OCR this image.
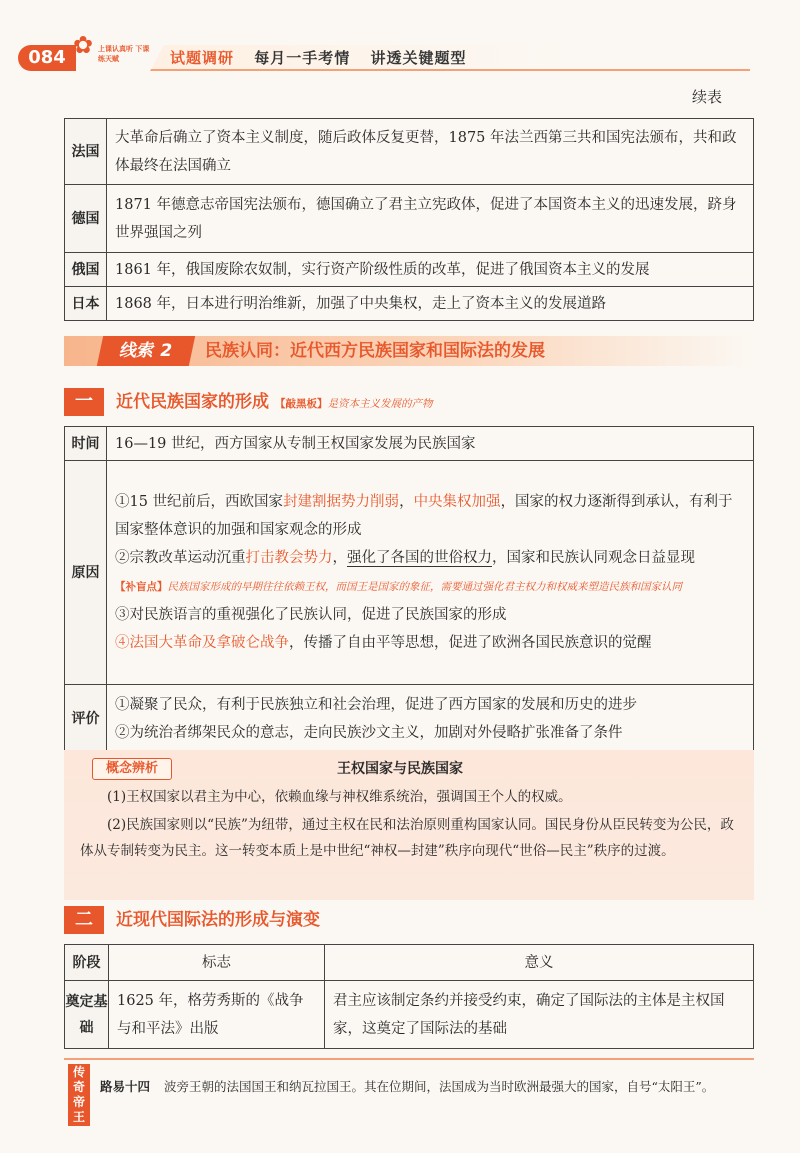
084 ✿ 上课认真听 下课练天赋	试题调研 每月一手考情 讲透关键题型
续表
法国	大革命后确立了资本主义制度，随后政体反复更替，1875 年法兰西第三共和国宪法颁布，共和政体最终在法国确立
德国	1871 年德意志帝国宪法颁布，德国确立了君主立宪政体，促进了本国资本主义的迅速发展，跻身世界强国之列
俄国	1861 年，俄国废除农奴制，实行资产阶级性质的改革，促进了俄国资本主义的发展
日本	1868 年，日本进行明治维新，加强了中央集权，走上了资本主义的发展道路
线索 2	民族认同：近代西方民族国家和国际法的发展
一	近代民族国家的形成 【敲黑板】是资本主义发展的产物
时间	16—19 世纪，西方国家从专制王权国家发展为民族国家
原因	①15 世纪前后，西欧国家封建割据势力削弱，中央集权加强，国家的权力逐渐得到承认，有利于国家整体意识的加强和国家观念的形成
②宗教改革运动沉重打击教会势力，强化了各国的世俗权力，国家和民族认同观念日益显现【补盲点】民族国家形成的早期往往依赖王权，而国王是国家的象征，需要通过强化君主权力和权威来塑造民族和国家认同
③对民族语言的重视强化了民族认同，促进了民族国家的形成
④法国大革命及拿破仑战争，传播了自由平等思想，促进了欧洲各国民族意识的觉醒

评价	①凝聚了民众，有利于民族独立和社会治理，促进了西方国家的发展和历史的进步
②为统治者绑架民众的意志，走向民族沙文主义，加剧对外侵略扩张准备了条件
概念辨析	王权国家与民族国家
(1)王权国家以君主为中心，依赖血缘与神权维系统治，强调国王个人的权威。
(2)民族国家则以“民族”为纽带，通过主权在民和法治原则重构国家认同。国民身份从臣民转变为公民，政体从专制转变为民主。这一转变本质上是中世纪“神权—封建”秩序向现代“世俗—民主”秩序的过渡。
二	近现代国际法的形成与演变
阶段	标志	意义
奠定基础	1625 年，格劳秀斯的《战争与和平法》出版	君主应该制定条约并接受约束，确定了国际法的主体是主权国家，这奠定了国际法的基础
传奇帝王
路易十四 波旁王朝的法国国王和纳瓦拉国王。其在位期间，法国成为当时欧洲最强大的国家，自号“太阳王”。
